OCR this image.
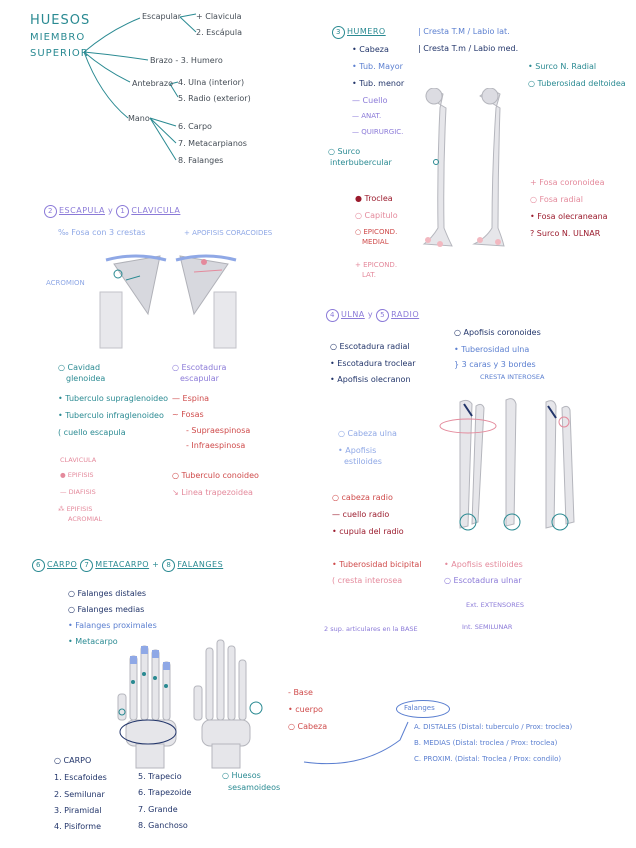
HUESOS
MIEMBRO
SUPERIOR
Escapular + Clavicula
2. Escápula
Brazo - 3. Humero
Antebrazo 4. Ulna (interior)
5. Radio (exterior)
Mano
6. Carpo
7. Metacarpianos
8. Falanges
3 HUMERO
• Cabeza
• Tub. Mayor
• Tub. menor
— Cuello
— ANAT.
— QUIRURGIC.
○ Surco
interbubercular
| Cresta T.M / Labio lat.
| Cresta T.m / Labio med.
• Surco N. Radial
○ Tuberosidad deltoidea
● Troclea
○ Capitulo
○ EPICOND.
MEDIAL
+ EPICOND.
LAT.
+ Fosa coronoidea
○ Fosa radial
• Fosa olecraneana
? Surco N. ULNAR
2 ESCAPULA y 1 CLAVICULA
‰ Fosa con 3 crestas	+ APOFISIS CORACOIDES
ACROMION
○ Cavidad
glenoidea
• Tuberculo supraglenoideo
• Tuberculo infraglenoideo
( cuello escapula
CLAVICULA
● EPIFISIS
— DIAFISIS
⁂ EPIFISIS
ACROMIAL
○ Escotadura
escapular
— Espina
~ Fosas
- Supraespinosa
- Infraespinosa
○ Tuberculo conoideo
↘ Linea trapezoidea
4 ULNA y 5 RADIO
○ Escotadura radial
• Escotadura troclear
• Apofisis olecranon
○ Apofisis coronoides
• Tuberosidad ulna
} 3 caras y 3 bordes
CRESTA INTEROSEA
○ Cabeza ulna
• Apofisis
estiloides
○ cabeza radio
— cuello radio
• cupula del radio
• Tuberosidad bicipital
( cresta interosea
• Apofisis estiloides
○ Escotadura ulnar
Ext. EXTENSORES
2 sup. articulares en la BASE	Int. SEMILUNAR
6 CARPO 7 METACARPO + 8 FALANGES
○ Falanges distales
○ Falanges medias
• Falanges proximales
• Metacarpo
- Base
• cuerpo
○ Cabeza
○ CARPO
1. Escafoides
2. Semilunar
3. Piramidal
4. Pisiforme
5. Trapecio
6. Trapezoide
7. Grande
8. Ganchoso
○ Huesos
sesamoideos
Falanges
A. DISTALES (Distal: tuberculo / Prox: troclea)
B. MEDIAS (Distal: troclea / Prox: troclea)
C. PROXIM. (Distal: Troclea / Prox: condilo)
